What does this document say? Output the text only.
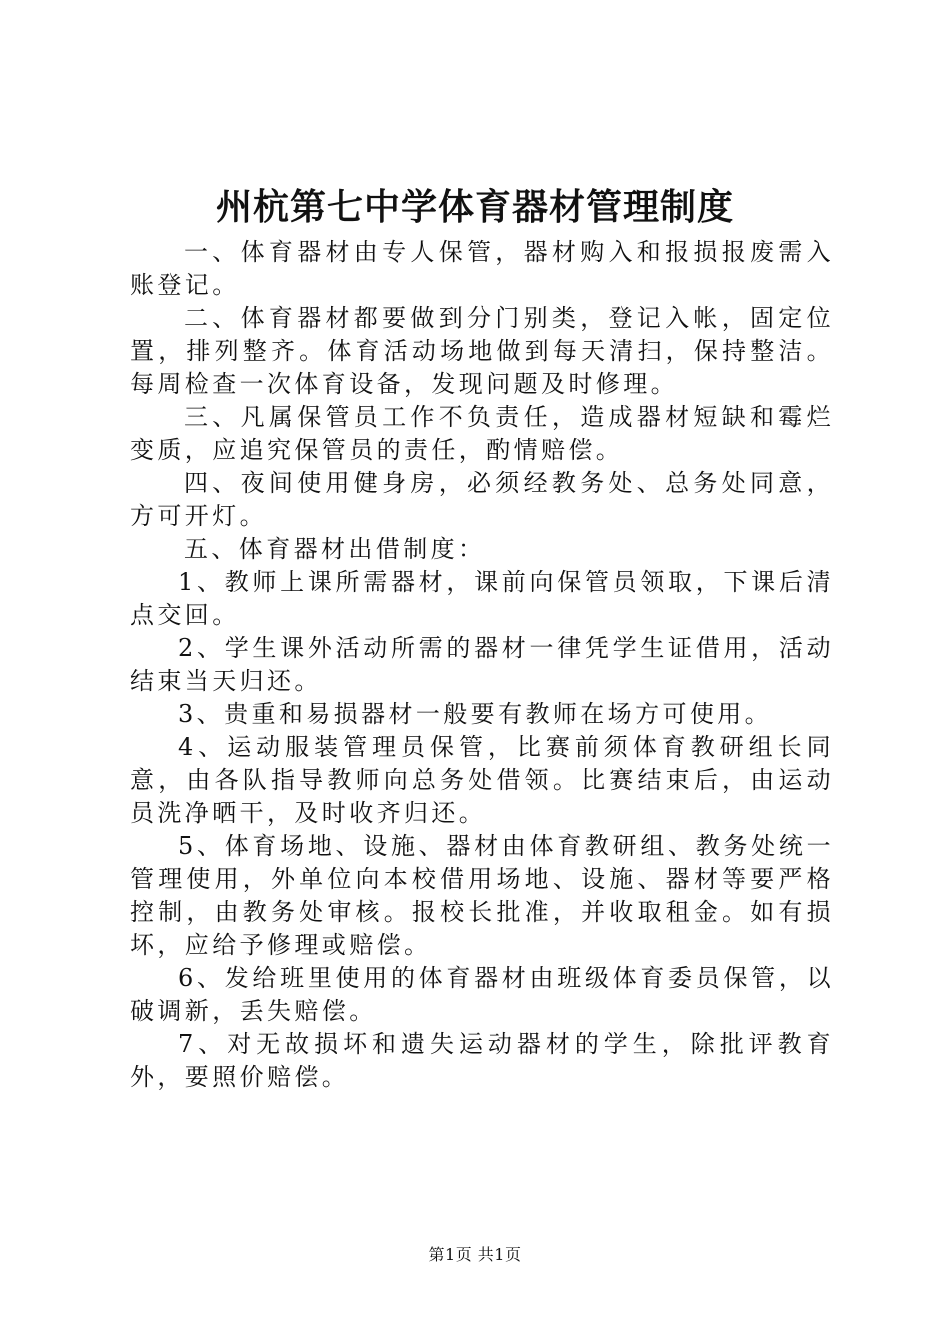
州杭第七中学体育器材管理制度

一、体育器材由专人保管，器材购入和报损报废需入账登记。

二、体育器材都要做到分门别类，登记入帐，固定位置，排列整齐。体育活动场地做到每天清扫，保持整洁。每周检查一次体育设备，发现问题及时修理。

三、凡属保管员工作不负责任，造成器材短缺和霉烂变质，应追究保管员的责任，酌情赔偿。

四、夜间使用健身房，必须经教务处、总务处同意，方可开灯。

五、体育器材出借制度：

1、教师上课所需器材，课前向保管员领取，下课后清点交回。

2、学生课外活动所需的器材一律凭学生证借用，活动结束当天归还。

3、贵重和易损器材一般要有教师在场方可使用。

4、运动服装管理员保管，比赛前须体育教研组长同意，由各队指导教师向总务处借领。比赛结束后，由运动员洗净晒干，及时收齐归还。

5、体育场地、设施、器材由体育教研组、教务处统一管理使用，外单位向本校借用场地、设施、器材等要严格控制，由教务处审核。报校长批准，并收取租金。如有损坏，应给予修理或赔偿。

6、发给班里使用的体育器材由班级体育委员保管，以破调新，丢失赔偿。

7、对无故损坏和遗失运动器材的学生，除批评教育外，要照价赔偿。

第1页 共1页
